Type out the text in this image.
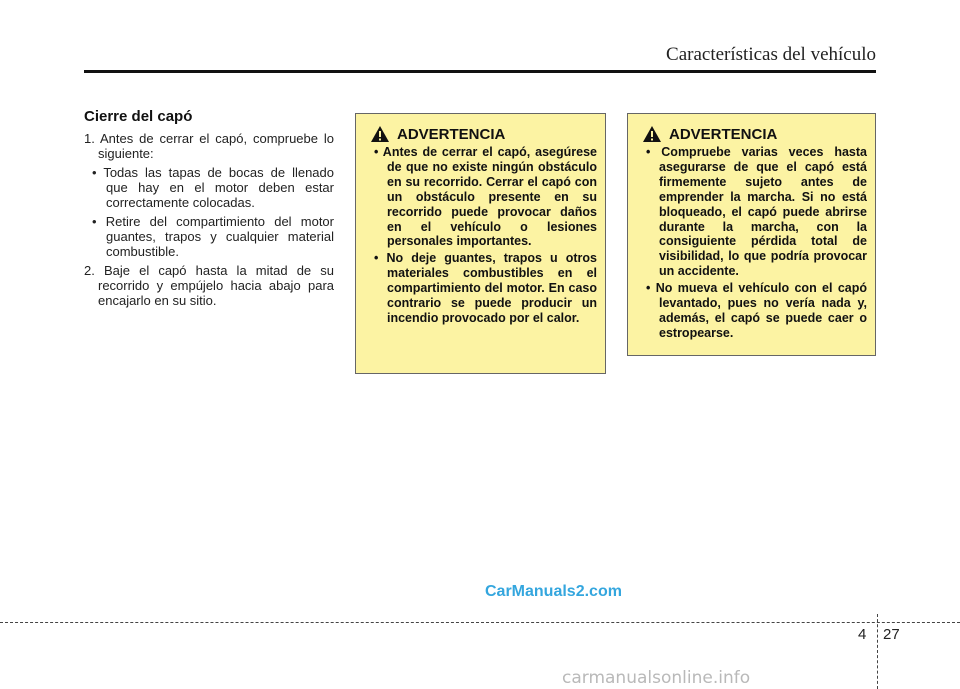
Características del vehículo

Cierre del capó

1. Antes de cerrar el capó, compruebe lo siguiente:

• Todas las tapas de bocas de llenado que hay en el motor deben estar correctamente colocadas.

• Retire del compartimiento del motor guantes, trapos y cualquier material combustible.

2. Baje el capó hasta la mitad de su recorrido y empújelo hacia abajo para encajarlo en su sitio.

ADVERTENCIA

• Antes de cerrar el capó, asegúrese de que no existe ningún obstáculo en su recorrido. Cerrar el capó con un obstáculo presente en su recorrido puede provocar daños en el vehículo o lesiones personales importantes.

• No deje guantes, trapos u otros materiales combustibles en el compartimiento del motor. En caso contrario se puede producir un incendio provocado por el calor.

ADVERTENCIA

• Compruebe varias veces hasta asegurarse de que el capó está firmemente sujeto antes de emprender la marcha. Si no está bloqueado, el capó puede abrirse durante la marcha, con la consiguiente pérdida total de visibilidad, lo que podría provocar un accidente.

• No mueva el vehículo con el capó levantado, pues no vería nada y, además, el capó se puede caer o estropearse.

CarManuals2.com
4 27
carmanualsonline.info
